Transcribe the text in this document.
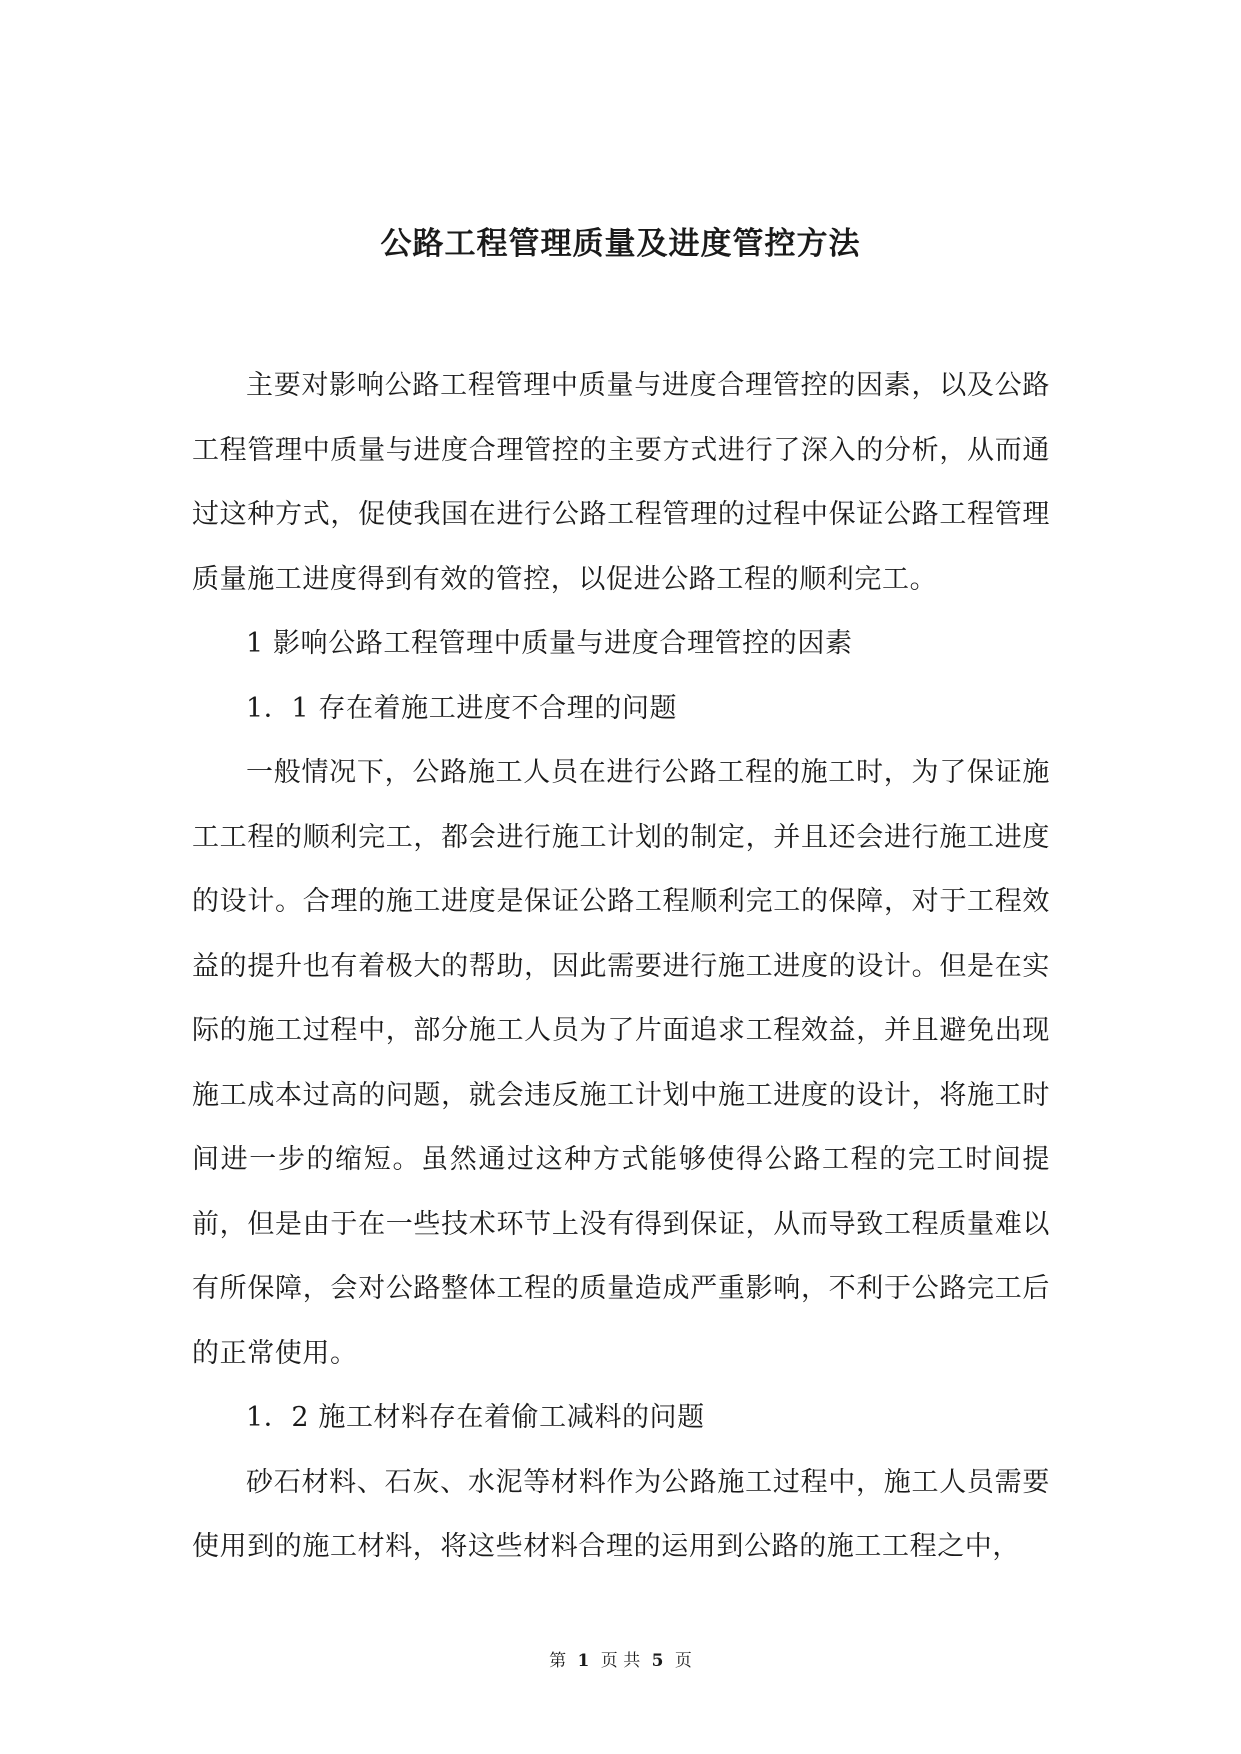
公路工程管理质量及进度管控方法

主要对影响公路工程管理中质量与进度合理管控的因素，以及公路工程管理中质量与进度合理管控的主要方式进行了深入的分析，从而通过这种方式，促使我国在进行公路工程管理的过程中保证公路工程管理质量施工进度得到有效的管控，以促进公路工程的顺利完工。

1 影响公路工程管理中质量与进度合理管控的因素

1．1 存在着施工进度不合理的问题

一般情况下，公路施工人员在进行公路工程的施工时，为了保证施工工程的顺利完工，都会进行施工计划的制定，并且还会进行施工进度的设计。合理的施工进度是保证公路工程顺利完工的保障，对于工程效益的提升也有着极大的帮助，因此需要进行施工进度的设计。但是在实际的施工过程中，部分施工人员为了片面追求工程效益，并且避免出现施工成本过高的问题，就会违反施工计划中施工进度的设计，将施工时间进一步的缩短。虽然通过这种方式能够使得公路工程的完工时间提前，但是由于在一些技术环节上没有得到保证，从而导致工程质量难以有所保障，会对公路整体工程的质量造成严重影响，不利于公路完工后的正常使用。

1．2 施工材料存在着偷工减料的问题

砂石材料、石灰、水泥等材料作为公路施工过程中，施工人员需要使用到的施工材料，将这些材料合理的运用到公路的施工工程之中，

第 1 页 共 5 页
